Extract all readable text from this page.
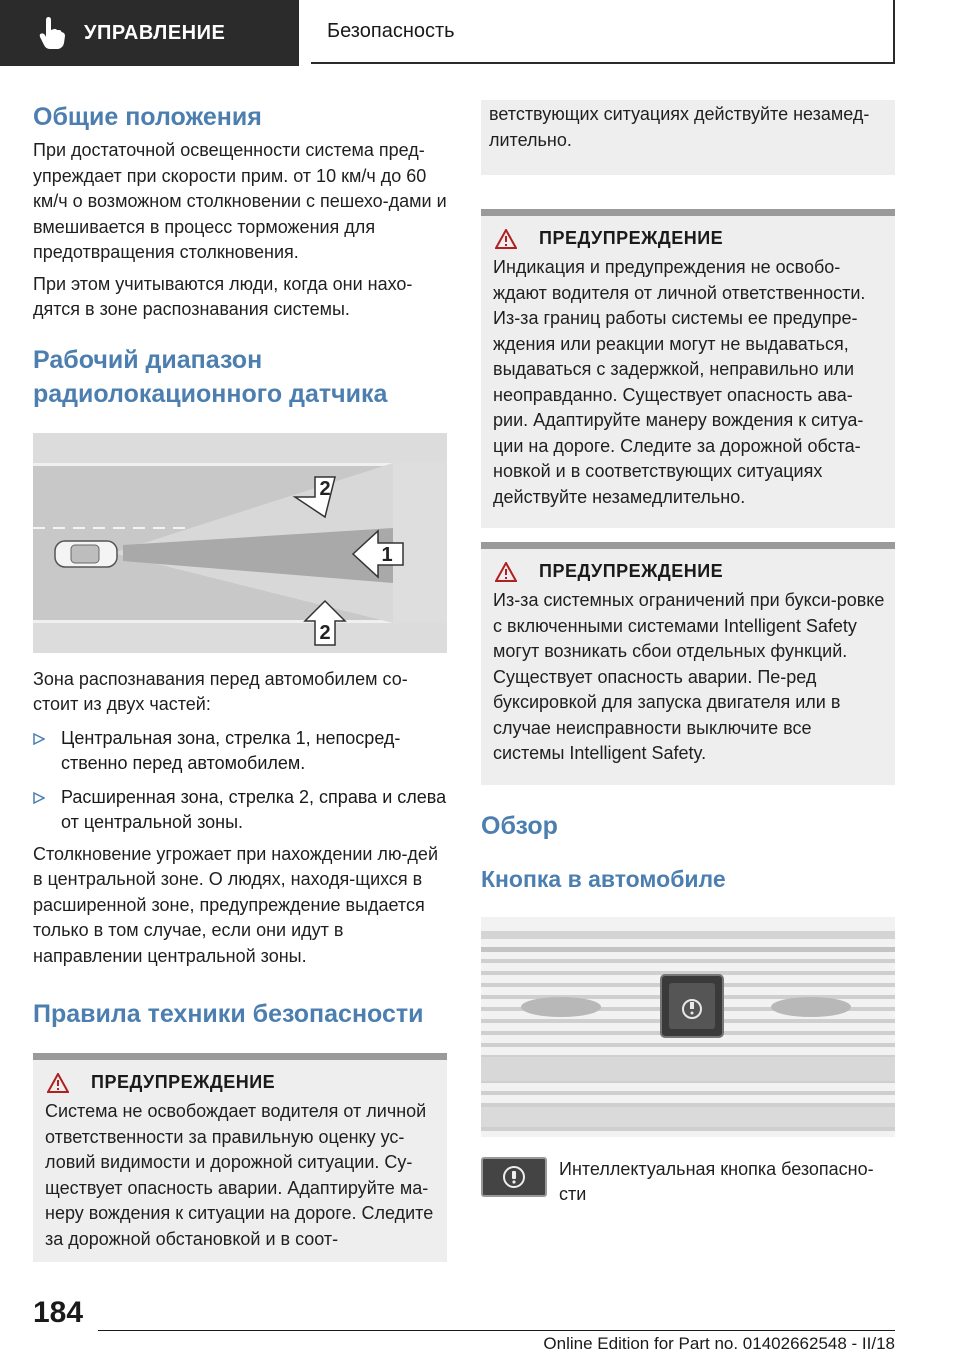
УПРАВЛЕНИЕ	Безопасность
Общие положения

При достаточной освещенности система пред-упреждает при скорости прим. от 10 км/ч до 60 км/ч о возможном столкновении с пешехо-дами и вмешивается в процесс торможения для предотвращения столкновения.

При этом учитываются люди, когда они нахо-дятся в зоне распознавания системы.

Рабочий диапазон радиолокационного датчика
2
1
2

Зона распознавания перед автомобилем со-стоит из двух частей:

Центральная зона, стрелка 1, непосред-ственно перед автомобилем.
Расширенная зона, стрелка 2, справа и слева от центральной зоны.

Столкновение угрожает при нахождении лю-дей в центральной зоне. О людях, находя-щихся в расширенной зоне, предупреждение выдается только в том случае, если они идут в направлении центральной зоны.

Правила техники безопасности
ПРЕДУПРЕЖДЕНИЕ

Система не освобождает водителя от личной ответственности за правильную оценку ус-ловий видимости и дорожной ситуации. Су-ществует опасность аварии. Адаптируйте ма-неру вождения к ситуации на дороге. Следите за дорожной обстановкой и в соот-

ветствующих ситуациях действуйте незамед-лительно.

ПРЕДУПРЕЖДЕНИЕ

Индикация и предупреждения не освобо-ждают водителя от личной ответственности. Из-за границ работы системы ее предупре-ждения или реакции могут не выдаваться, выдаваться с задержкой, неправильно или неоправданно. Существует опасность ава-рии. Адаптируйте манеру вождения к ситуа-ции на дороге. Следите за дорожной обста-новкой и в соответствующих ситуациях действуйте незамедлительно.

ПРЕДУПРЕЖДЕНИЕ

Из-за системных ограничений при букси-ровке с включенными системами Intelligent Safety могут возникать сбои отдельных функций. Существует опасность аварии. Пе-ред буксировкой для запуска двигателя или в случае неисправности выключите все системы Intelligent Safety.

Обзор
Кнопка в автомобиле

Интеллектуальная кнопка безопасно-сти

184
Online Edition for Part no. 01402662548 - II/18
